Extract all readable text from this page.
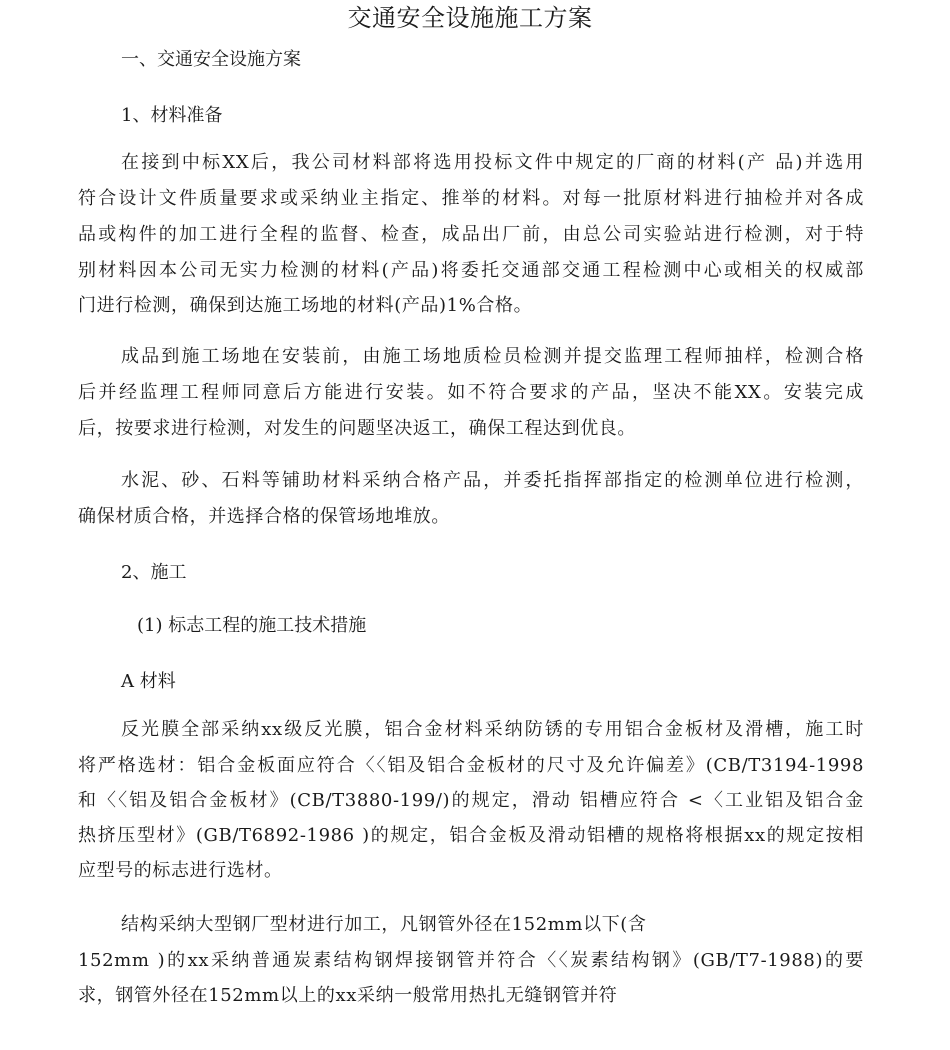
交通安全设施施工方案
一、交通安全设施方案
1、材料准备
在接到中标XX后，我公司材料部将选用投标文件中规定的厂商的材料(产 品)并选用
符合设计文件质量要求或采纳业主指定、推举的材料。对每一批原材料进行抽检并对各成
品或构件的加工进行全程的监督、检查，成品出厂前，由总公司实验站进行检测，对于特
别材料因本公司无实力检测的材料(产品)将委托交通部交通工程检测中心或相关的权威部
门进行检测，确保到达施工场地的材料(产品)1%合格。
成品到施工场地在安装前，由施工场地质检员检测并提交监理工程师抽样，检测合格
后并经监理工程师同意后方能进行安装。如不符合要求的产品，坚决不能XX。安装完成
后，按要求进行检测，对发生的问题坚决返工，确保工程达到优良。
水泥、砂、石料等铺助材料采纳合格产品，并委托指挥部指定的检测单位进行检测，
确保材质合格，并选择合格的保管场地堆放。
2、施工
(1) 标志工程的施工技术措施
A 材料
反光膜全部采纳xx级反光膜，铝合金材料采纳防锈的专用铝合金板材及滑槽，施工时
将严格选材：铝合金板面应符合〈〈铝及铝合金板材的尺寸及允许偏差》(CB/T3194-1998
和〈〈铝及铝合金板材》(CB/T3880-199/)的规定，滑动 铝槽应符合 <〈工业铝及铝合金
热挤压型材》(GB/T6892-1986 )的规定，铝合金板及滑动铝槽的规格将根据xx的规定按相
应型号的标志进行选材。
结构采纳大型钢厂型材进行加工，凡钢管外径在152mm以下(含
152mm )的xx采纳普通炭素结构钢焊接钢管并符合〈〈炭素结构钢》(GB/T7-1988)的要
求，钢管外径在152mm以上的xx采纳一般常用热扎无缝钢管并符
